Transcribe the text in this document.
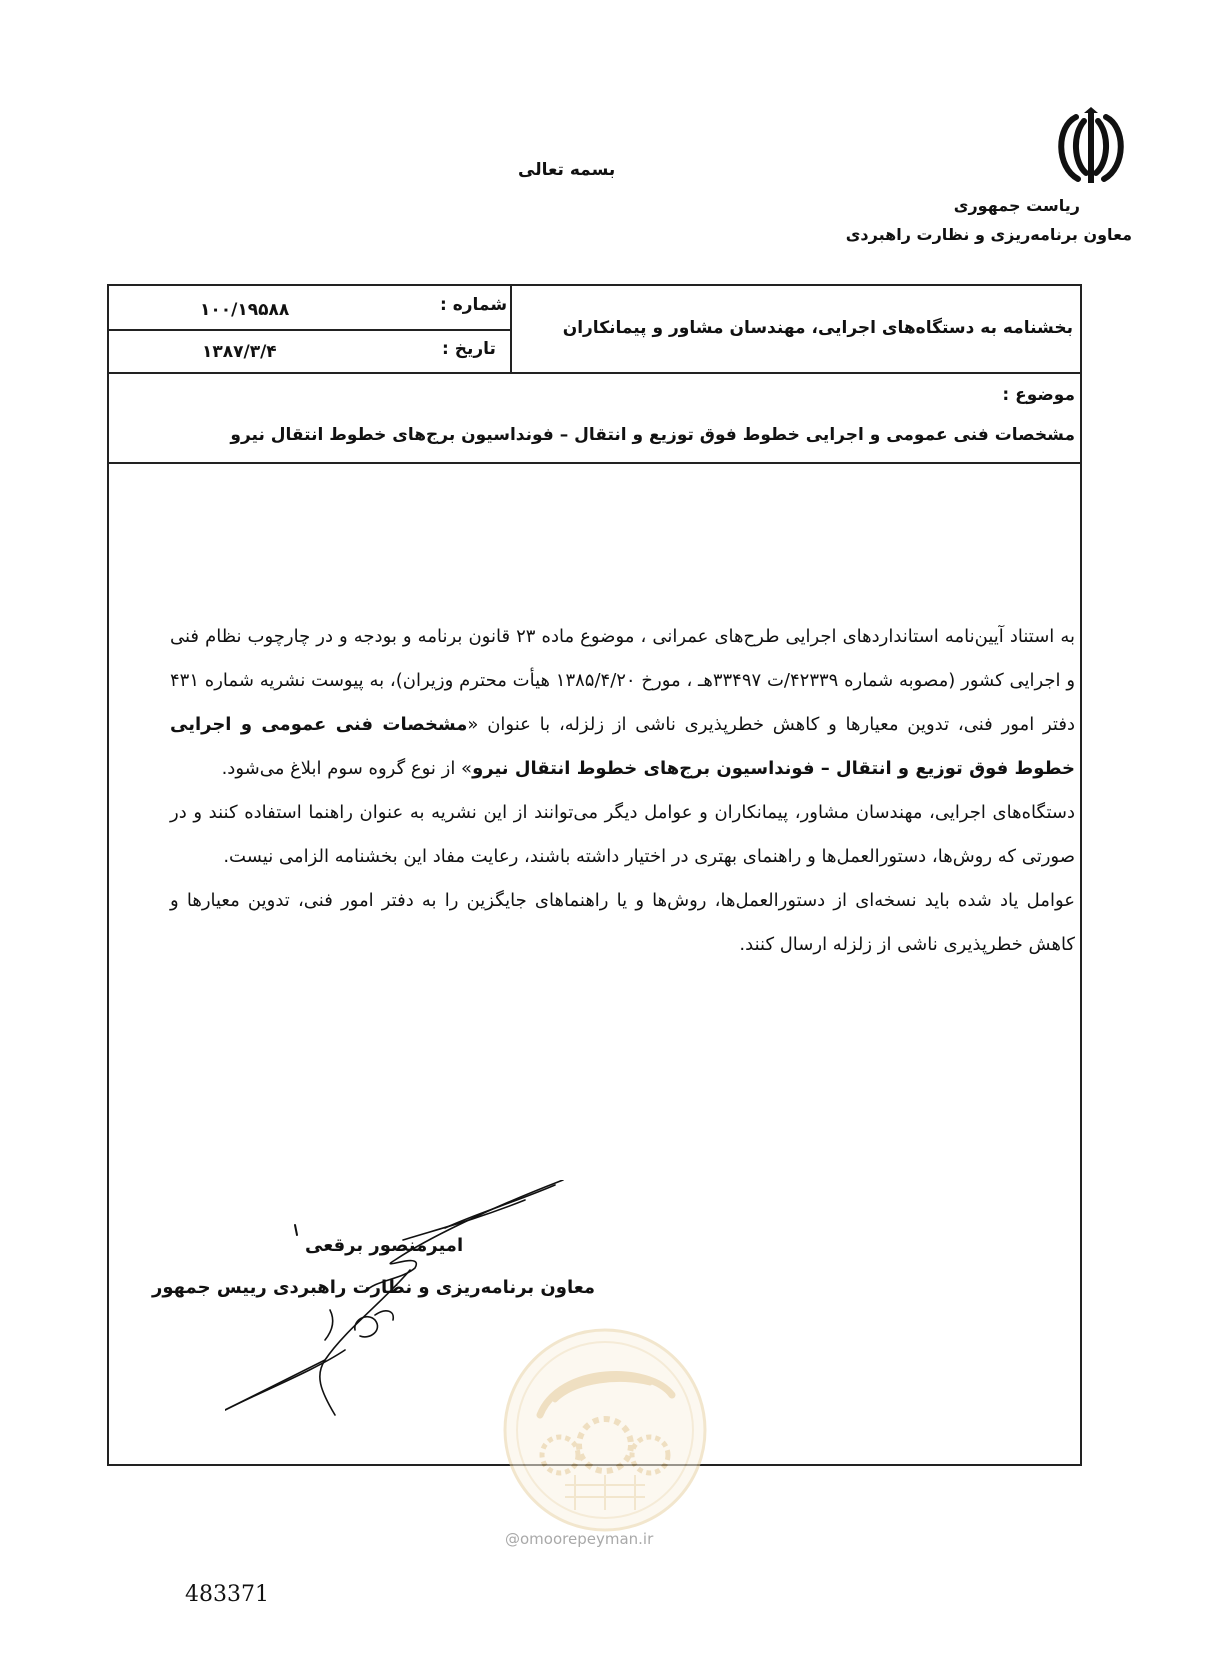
بسمه تعالی
ریاست جمهوری
معاون برنامه‌ریزی و نظارت راهبردی
شماره :
۱۰۰/۱۹۵۸۸
تاریخ :
۱۳۸۷/۳/۴
بخشنامه به دستگاه‌های اجرایی، مهندسان مشاور و پیمانکاران
موضوع :
مشخصات فنی عمومی و اجرایی خطوط فوق توزیع و انتقال – فونداسیون برج‌های خطوط انتقال نیرو

به استناد آیین‌نامه استانداردهای اجرایی طرح‌های عمرانی ، موضوع ماده ۲۳ قانون برنامه و بودجه و در چارچوب نظام فنی و اجرایی کشور (مصوبه شماره ۴۲۳۳۹/ت ۳۳۴۹۷هـ ، مورخ ۱۳۸۵/۴/۲۰ هیأت محترم وزیران)، به پیوست نشریه شماره ۴۳۱ دفتر امور فنی، تدوین معیارها و کاهش خطرپذیری ناشی از زلزله، با عنوان «مشخصات فنی عمومی و اجرایی خطوط فوق توزیع و انتقال – فونداسیون برج‌های خطوط انتقال نیرو» از نوع گروه سوم ابلاغ می‌شود.

دستگاه‌های اجرایی، مهندسان مشاور، پیمانکاران و عوامل دیگر می‌توانند از این نشریه به عنوان راهنما استفاده کنند و در صورتی که روش‌ها، دستورالعمل‌ها و راهنمای بهتری در اختیار داشته باشند، رعایت مفاد این بخشنامه الزامی نیست.

عوامل یاد شده باید نسخه‌ای از دستورالعمل‌ها، روش‌ها و یا راهنماهای جایگزین را به دفتر امور فنی، تدوین معیارها و کاهش خطرپذیری ناشی از زلزله ارسال کنند.

امیرمنصور برقعی
معاون برنامه‌ریزی و نظارت راهبردی رییس جمهور
@omoorepeyman.ir
483371
